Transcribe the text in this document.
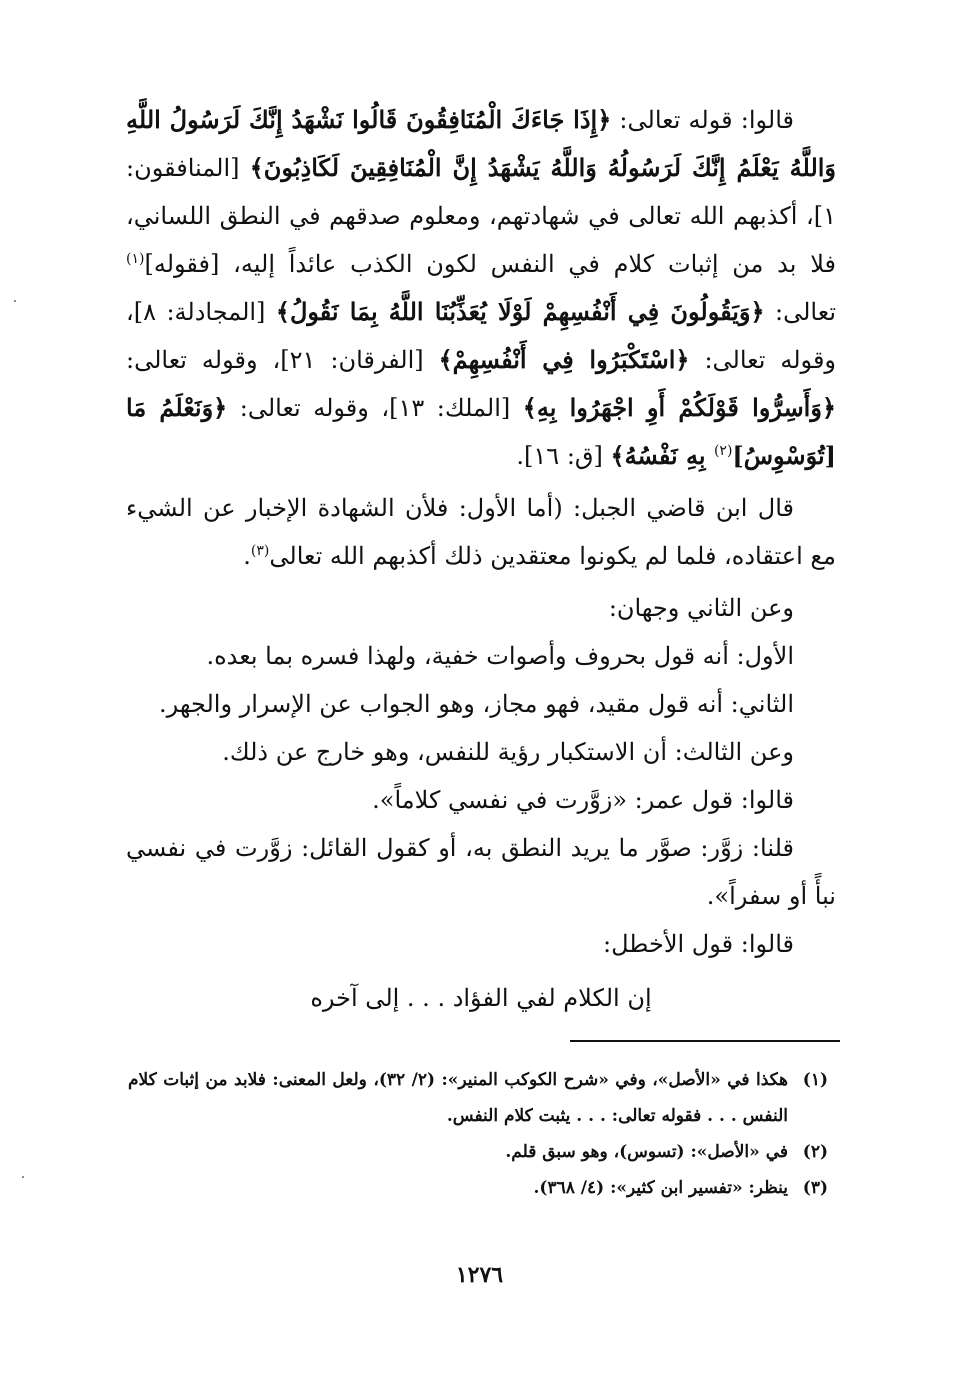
قالوا: قوله تعالى: ﴿إِذَا جَاءَكَ الْمُنَافِقُونَ قَالُوا نَشْهَدُ إِنَّكَ لَرَسُولُ اللَّهِ وَاللَّهُ يَعْلَمُ إِنَّكَ لَرَسُولُهُ وَاللَّهُ يَشْهَدُ إِنَّ الْمُنَافِقِينَ لَكَاذِبُونَ﴾ [المنافقون: ١]، أكذبهم الله تعالى في شهادتهم، ومعلوم صدقهم في النطق اللساني، فلا بد من إثبات كلام في النفس لكون الكذب عائداً إليه، [فقوله]$^{(١)}$ تعالى: ﴿وَيَقُولُونَ فِي أَنْفُسِهِمْ لَوْلَا يُعَذِّبُنَا اللَّهُ بِمَا نَقُولُ﴾ [المجادلة: ٨]، وقوله تعالى: ﴿اسْتَكْبَرُوا فِي أَنْفُسِهِمْ﴾ [الفرقان: ٢١]، وقوله تعالى: ﴿وَأَسِرُّوا قَوْلَكُمْ أَوِ اجْهَرُوا بِهِ﴾ [الملك: ١٣]، وقوله تعالى: ﴿وَنَعْلَمُ مَا [تُوَسْوِسُ]$^{(٢)}$ بِهِ نَفْسُهُ﴾ [ق: ١٦].

قال ابن قاضي الجبل: (أما الأول: فلأن الشهادة الإخبار عن الشيء مع اعتقاده، فلما لم يكونوا معتقدين ذلك أكذبهم الله تعالى$^{(٣)}$.

وعن الثاني وجهان:

الأول: أنه قول بحروف وأصوات خفية، ولهذا فسره بما بعده.

الثاني: أنه قول مقيد، فهو مجاز، وهو الجواب عن الإسرار والجهر.

وعن الثالث: أن الاستكبار رؤية للنفس، وهو خارج عن ذلك.

قالوا: قول عمر: «زوَّرت في نفسي كلاماً».

قلنا: زوَّر: صوَّر ما يريد النطق به، أو كقول القائل: زوَّرت في نفسي نبأً أو سفراً».

قالوا: قول الأخطل:

إن الكلام لفي الفؤاد . . . إلى آخره

(١)
هكذا في «الأصل»، وفي «شرح الكوكب المنير»: (٢/ ٣٢)، ولعل المعنى: فلابد من إثبات كلام النفس . . . فقوله تعالى: . . . يثبت كلام النفس.
(٢)
في «الأصل»: (تسوس)، وهو سبق قلم.
(٣)
ينظر: «تفسير ابن كثير»: (٤/ ٣٦٨).
١٢٧٦
